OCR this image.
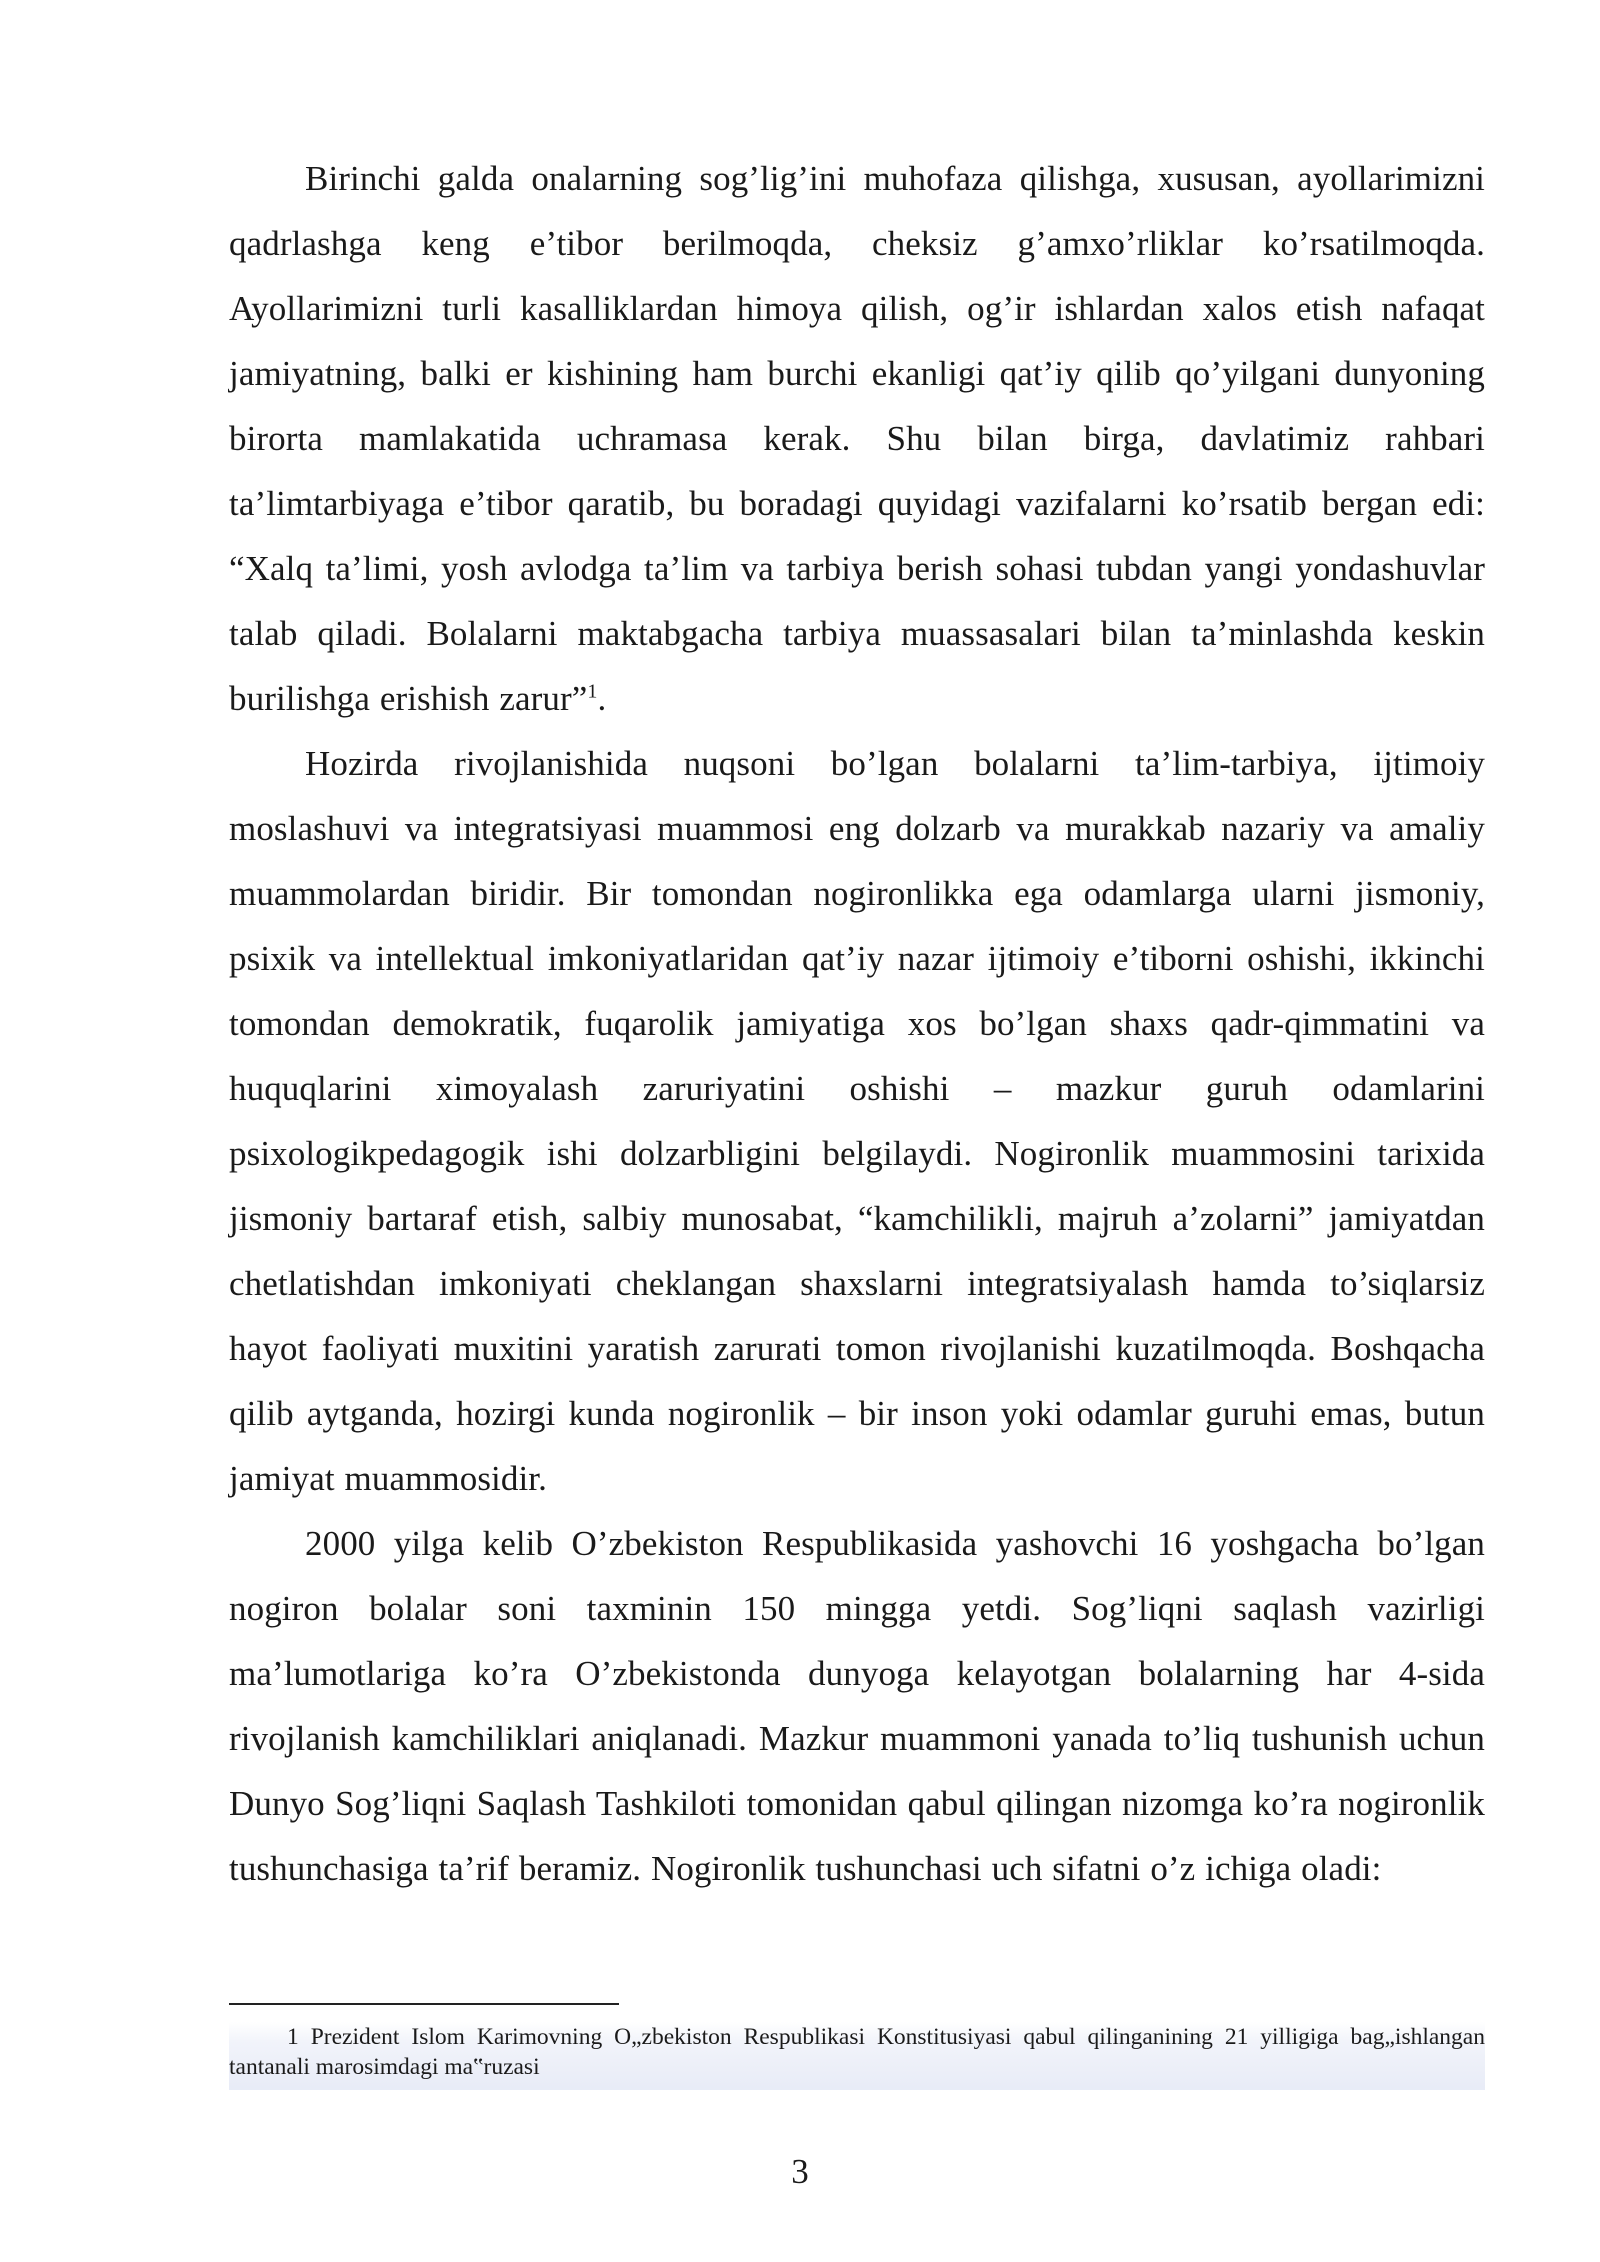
Birinchi galda onalarning sog’lig’ini muhofaza qilishga, xususan, ayollarimizni qadrlashga keng e’tibor berilmoqda, cheksiz g’amxo’rliklar ko’rsatilmoqda. Ayollarimizni turli kasalliklardan himoya qilish, og’ir ishlardan xalos etish nafaqat jamiyatning, balki er kishining ham burchi ekanligi qat’iy qilib qo’yilgani dunyoning birorta mamlakatida uchramasa kerak. Shu bilan birga, davlatimiz rahbari ta’limtarbiyaga e’tibor qaratib, bu boradagi quyidagi vazifalarni ko’rsatib bergan edi: “Xalq ta’limi, yosh avlodga ta’lim va tarbiya berish sohasi tubdan yangi yondashuvlar talab qiladi. Bolalarni maktabgacha tarbiya muassasalari bilan ta’minlashda keskin burilishga erishish zarur”$^1$.

Hozirda rivojlanishida nuqsoni bo’lgan bolalarni ta’lim-tarbiya, ijtimoiy moslashuvi va integratsiyasi muammosi eng dolzarb va murakkab nazariy va amaliy muammolardan biridir. Bir tomondan nogironlikka ega odamlarga ularni jismoniy, psixik va intellektual imkoniyatlaridan qat’iy nazar ijtimoiy e’tiborni oshishi, ikkinchi tomondan demokratik, fuqarolik jamiyatiga xos bo’lgan shaxs qadr-qimmatini va huquqlarini ximoyalash zaruriyatini oshishi – mazkur guruh odamlarini psixologikpedagogik ishi dolzarbligini belgilaydi. Nogironlik muammosini tarixida jismoniy bartaraf etish, salbiy munosabat, “kamchilikli, majruh a’zolarni” jamiyatdan chetlatishdan imkoniyati cheklangan shaxslarni integratsiyalash hamda to’siqlarsiz hayot faoliyati muxitini yaratish zarurati tomon rivojlanishi kuzatilmoqda. Boshqacha qilib aytganda, hozirgi kunda nogironlik – bir inson yoki odamlar guruhi emas, butun jamiyat muammosidir.

2000 yilga kelib O’zbekiston Respublikasida yashovchi 16 yoshgacha bo’lgan nogiron bolalar soni taxminin 150 mingga yetdi. Sog’liqni saqlash vazirligi ma’lumotlariga ko’ra O’zbekistonda dunyoga kelayotgan bolalarning har 4-sida rivojlanish kamchiliklari aniqlanadi. Mazkur muammoni yanada to’liq tushunish uchun Dunyo Sog’liqni Saqlash Tashkiloti tomonidan qabul qilingan nizomga ko’ra nogironlik tushunchasiga ta’rif beramiz. Nogironlik tushunchasi uch sifatni o’z ichiga oladi:

1 Prezident Islom Karimovning O„zbekiston Respublikasi Konstitusiyasi qabul qilinganining 21 yilligiga bag„ishlangan tantanali marosimdagi ma‟ruzasi

3
